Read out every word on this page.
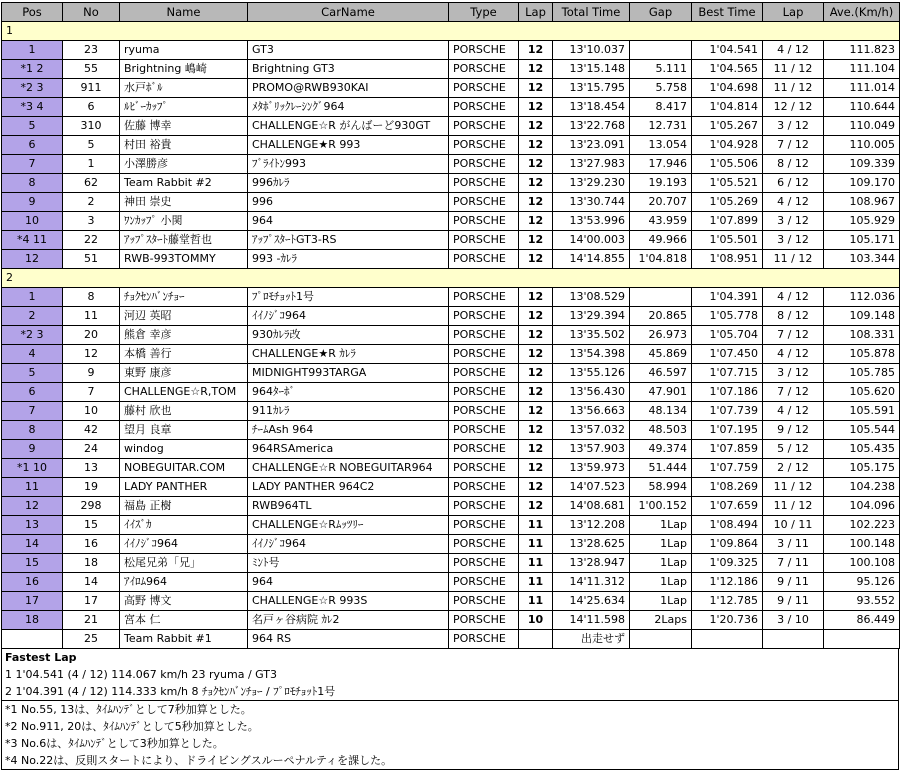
Pos	No	Name	CarName	Type	Lap	Total Time	Gap	Best Time	Lap	Ave.(Km/h)
1										
1	23	ryuma	GT3	PORSCHE	12	13'10.037		1'04.541	4 / 12	111.823
*1 2	55	Brightning 嶋崎	Brightning GT3	PORSCHE	12	13'15.148	5.111	1'04.565	11 / 12	111.104
*2 3	911	水戸ﾎﾞﾙ	PROMO@RWB930KAI	PORSCHE	12	13'15.795	5.758	1'04.698	11 / 12	111.014
*3 4	6	ﾙﾋﾞｰｶｯﾌﾟ	ﾒﾀﾎﾞﾘｯｸﾚｰｼﾝｸﾞ964	PORSCHE	12	13'18.454	8.417	1'04.814	12 / 12	110.644
5	310	佐藤 博幸	CHALLENGE☆R がんばーど930GT	PORSCHE	12	13'22.768	12.731	1'05.267	3 / 12	110.049
6	5	村田 裕貴	CHALLENGE★R 993	PORSCHE	12	13'23.091	13.054	1'04.928	7 / 12	110.005
7	1	小澤勝彦	ﾌﾞﾗｲﾄﾝ993	PORSCHE	12	13'27.983	17.946	1'05.506	8 / 12	109.339
8	62	Team Rabbit #2	996ｶﾚﾗ	PORSCHE	12	13'29.230	19.193	1'05.521	6 / 12	109.170
9	2	神田 崇史	996	PORSCHE	12	13'30.744	20.707	1'05.269	4 / 12	108.967
10	3	ﾜﾝｶｯﾌﾟ 小関	964	PORSCHE	12	13'53.996	43.959	1'07.899	3 / 12	105.929
*4 11	22	ｱｯﾌﾟｽﾀｰﾄ藤堂哲也	ｱｯﾌﾟｽﾀｰﾄGT3-RS	PORSCHE	12	14'00.003	49.966	1'05.501	3 / 12	105.171
12	51	RWB-993TOMMY	993 -ｶﾚﾗ	PORSCHE	12	14'14.855	1'04.818	1'08.951	11 / 12	103.344
2										
1	8	ﾁｮｸｾﾝﾊﾞﾝﾁｮｰ	ﾌﾟﾛﾓﾁｮｯﾄ1号	PORSCHE	12	13'08.529		1'04.391	4 / 12	112.036
2	11	河辺 英昭	ｲｲﾉｼﾞｺ964	PORSCHE	12	13'29.394	20.865	1'05.778	8 / 12	109.148
*2 3	20	熊倉 幸彦	930ｶﾚﾗ改	PORSCHE	12	13'35.502	26.973	1'05.704	7 / 12	108.331
4	12	本橋 善行	CHALLENGE★R ｶﾚﾗ	PORSCHE	12	13'54.398	45.869	1'07.450	4 / 12	105.878
5	9	東野 康彦	MIDNIGHT993TARGA	PORSCHE	12	13'55.126	46.597	1'07.715	3 / 12	105.785
6	7	CHALLENGE☆R,TOM	964ﾀｰﾎﾞ	PORSCHE	12	13'56.430	47.901	1'07.186	7 / 12	105.620
7	10	藤村 欣也	911ｶﾚﾗ	PORSCHE	12	13'56.663	48.134	1'07.739	4 / 12	105.591
8	42	望月 良章	ﾁｰﾑAsh 964	PORSCHE	12	13'57.032	48.503	1'07.195	9 / 12	105.544
9	24	windog	964RSAmerica	PORSCHE	12	13'57.903	49.374	1'07.859	5 / 12	105.435
*1 10	13	NOBEGUITAR.COM	CHALLENGE☆R NOBEGUITAR964	PORSCHE	12	13'59.973	51.444	1'07.759	2 / 12	105.175
11	19	LADY PANTHER	LADY PANTHER 964C2	PORSCHE	12	14'07.523	58.994	1'08.269	11 / 12	104.238
12	298	福島 正樹	RWB964TL	PORSCHE	12	14'08.681	1'00.152	1'07.659	11 / 12	104.096
13	15	ｲｲｽﾞｶ	CHALLENGE☆Rﾑｯﾂﾘｰ	PORSCHE	11	13'12.208	1Lap	1'08.494	10 / 11	102.223
14	16	ｲｲﾉｼﾞｺ964	ｲｲﾉｼﾞｺ964	PORSCHE	11	13'28.625	1Lap	1'09.864	3 / 11	100.148
15	18	松尾兄弟「兄」	ﾐﾝﾄ号	PORSCHE	11	13'28.947	1Lap	1'09.325	7 / 11	100.108
16	14	ｱｲﾛﾑ964	964	PORSCHE	11	14'11.312	1Lap	1'12.186	9 / 11	95.126
17	17	高野 博文	CHALLENGE☆R 993S	PORSCHE	11	14'25.634	1Lap	1'12.785	9 / 11	93.552
18	21	宮本 仁	名戸ヶ谷病院 ｶﾚ2	PORSCHE	10	14'11.598	2Laps	1'20.736	3 / 10	86.449
	25	Team Rabbit #1	964 RS	PORSCHE		出走せず				
Fastest Lap
1 1'04.541 (4 / 12) 114.067 km/h 23 ryuma / GT3
2 1'04.391 (4 / 12) 114.333 km/h 8 ﾁｮｸｾﾝﾊﾞﾝﾁｮｰ / ﾌﾟﾛﾓﾁｮｯﾄ1号
*1 No.55, 13は、ﾀｲﾑﾊﾝﾃﾞとして7秒加算とした。
*2 No.911, 20は、ﾀｲﾑﾊﾝﾃﾞとして5秒加算とした。
*3 No.6は、ﾀｲﾑﾊﾝﾃﾞとして3秒加算とした。
*4 No.22は、反則スタートにより、ドライビングスルーペナルティを課した。
